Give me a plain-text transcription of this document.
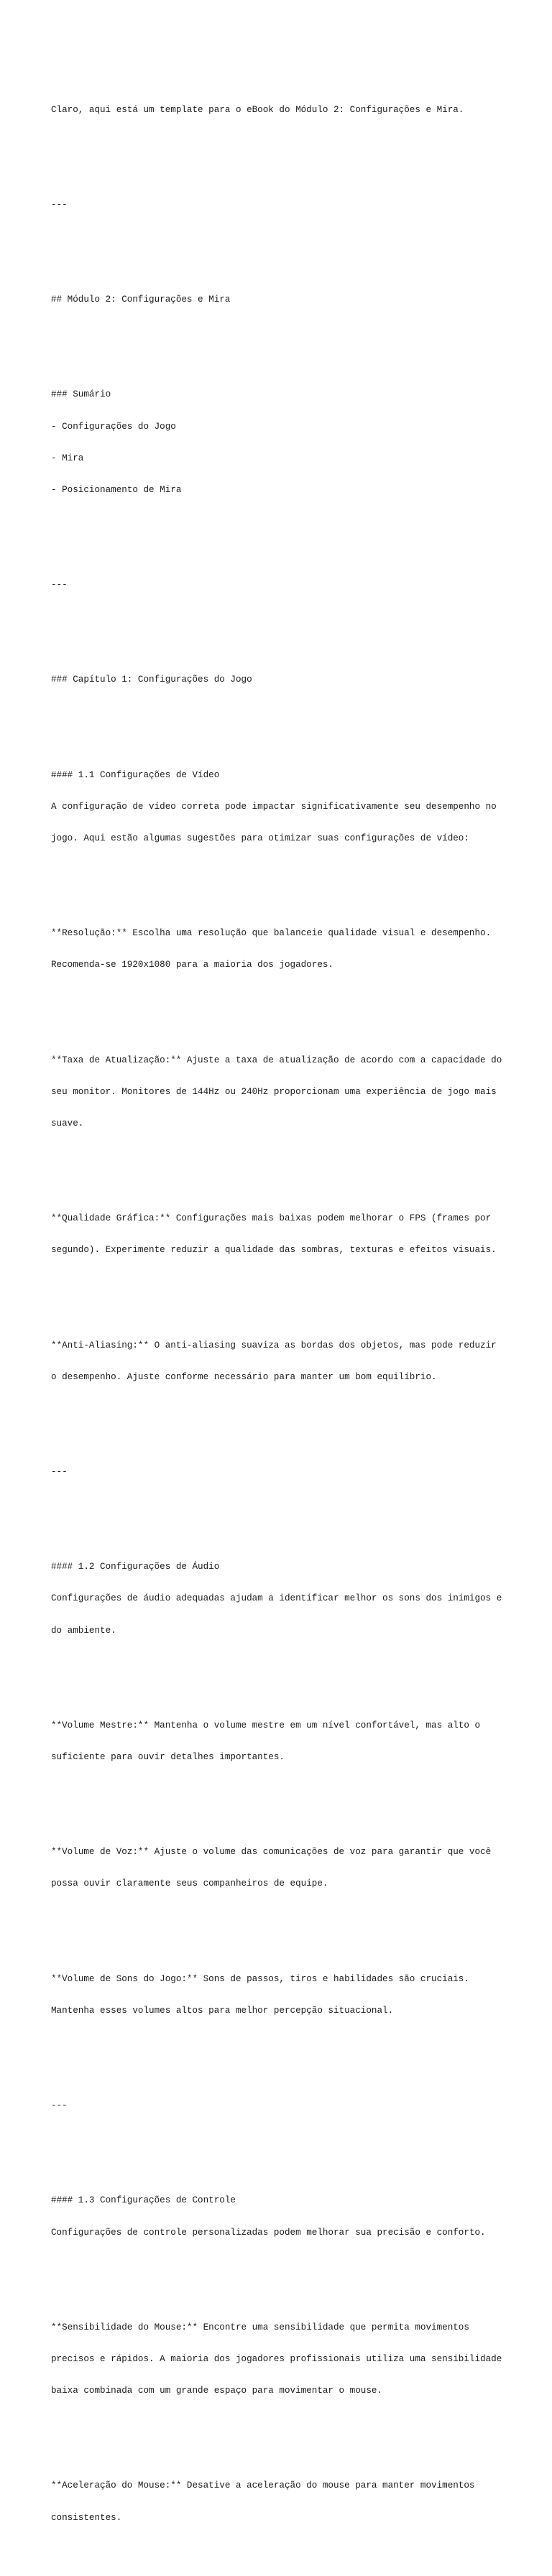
Claro, aqui está um template para o eBook do Módulo 2: Configurações e Mira.

---

## Módulo 2: Configurações e Mira

### Sumário

- Configurações do Jogo

- Mira

- Posicionamento de Mira

---

### Capítulo 1: Configurações do Jogo

#### 1.1 Configurações de Vídeo

A configuração de vídeo correta pode impactar significativamente seu desempenho no

jogo. Aqui estão algumas sugestões para otimizar suas configurações de vídeo:

**Resolução:** Escolha uma resolução que balanceie qualidade visual e desempenho.

Recomenda-se 1920x1080 para a maioria dos jogadores.

**Taxa de Atualização:** Ajuste a taxa de atualização de acordo com a capacidade do

seu monitor. Monitores de 144Hz ou 240Hz proporcionam uma experiência de jogo mais

suave.

**Qualidade Gráfica:** Configurações mais baixas podem melhorar o FPS (frames por

segundo). Experimente reduzir a qualidade das sombras, texturas e efeitos visuais.

**Anti-Aliasing:** O anti-aliasing suaviza as bordas dos objetos, mas pode reduzir

o desempenho. Ajuste conforme necessário para manter um bom equilíbrio.

---

#### 1.2 Configurações de Áudio

Configurações de áudio adequadas ajudam a identificar melhor os sons dos inimigos e

do ambiente.

**Volume Mestre:** Mantenha o volume mestre em um nível confortável, mas alto o

suficiente para ouvir detalhes importantes.

**Volume de Voz:** Ajuste o volume das comunicações de voz para garantir que você

possa ouvir claramente seus companheiros de equipe.

**Volume de Sons do Jogo:** Sons de passos, tiros e habilidades são cruciais.

Mantenha esses volumes altos para melhor percepção situacional.

---

#### 1.3 Configurações de Controle

Configurações de controle personalizadas podem melhorar sua precisão e conforto.

**Sensibilidade do Mouse:** Encontre uma sensibilidade que permita movimentos

precisos e rápidos. A maioria dos jogadores profissionais utiliza uma sensibilidade

baixa combinada com um grande espaço para movimentar o mouse.

**Aceleração do Mouse:** Desative a aceleração do mouse para manter movimentos

consistentes.
